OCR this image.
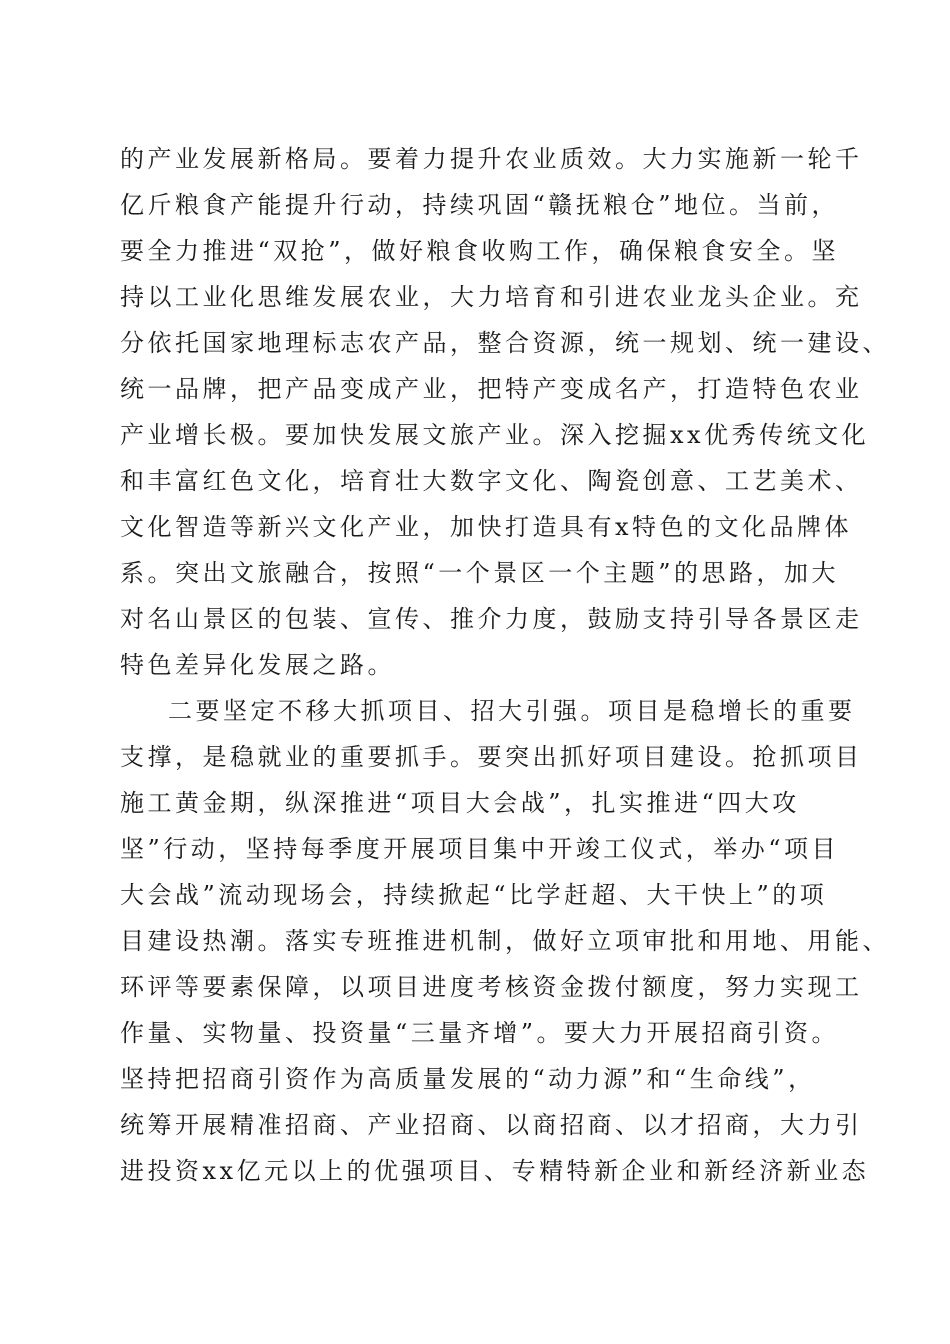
的产业发展新格局。要着力提升农业质效。大力实施新一轮千
亿斤粮食产能提升行动，持续巩固“赣抚粮仓”地位。当前，
要全力推进“双抢”，做好粮食收购工作，确保粮食安全。坚
持以工业化思维发展农业，大力培育和引进农业龙头企业。充
分依托国家地理标志农产品，整合资源，统一规划、统一建设、
统一品牌，把产品变成产业，把特产变成名产，打造特色农业
产业增长极。要加快发展文旅产业。深入挖掘xx优秀传统文化
和丰富红色文化，培育壮大数字文化、陶瓷创意、工艺美术、
文化智造等新兴文化产业，加快打造具有x特色的文化品牌体
系。突出文旅融合，按照“一个景区一个主题”的思路，加大
对名山景区的包装、宣传、推介力度，鼓励支持引导各景区走
特色差异化发展之路。
二要坚定不移大抓项目、招大引强。项目是稳增长的重要
支撑，是稳就业的重要抓手。要突出抓好项目建设。抢抓项目
施工黄金期，纵深推进“项目大会战”，扎实推进“四大攻
坚”行动，坚持每季度开展项目集中开竣工仪式，举办“项目
大会战”流动现场会，持续掀起“比学赶超、大干快上”的项
目建设热潮。落实专班推进机制，做好立项审批和用地、用能、
环评等要素保障，以项目进度考核资金拨付额度，努力实现工
作量、实物量、投资量“三量齐增”。要大力开展招商引资。
坚持把招商引资作为高质量发展的“动力源”和“生命线”，
统筹开展精准招商、产业招商、以商招商、以才招商，大力引
进投资xx亿元以上的优强项目、专精特新企业和新经济新业态
